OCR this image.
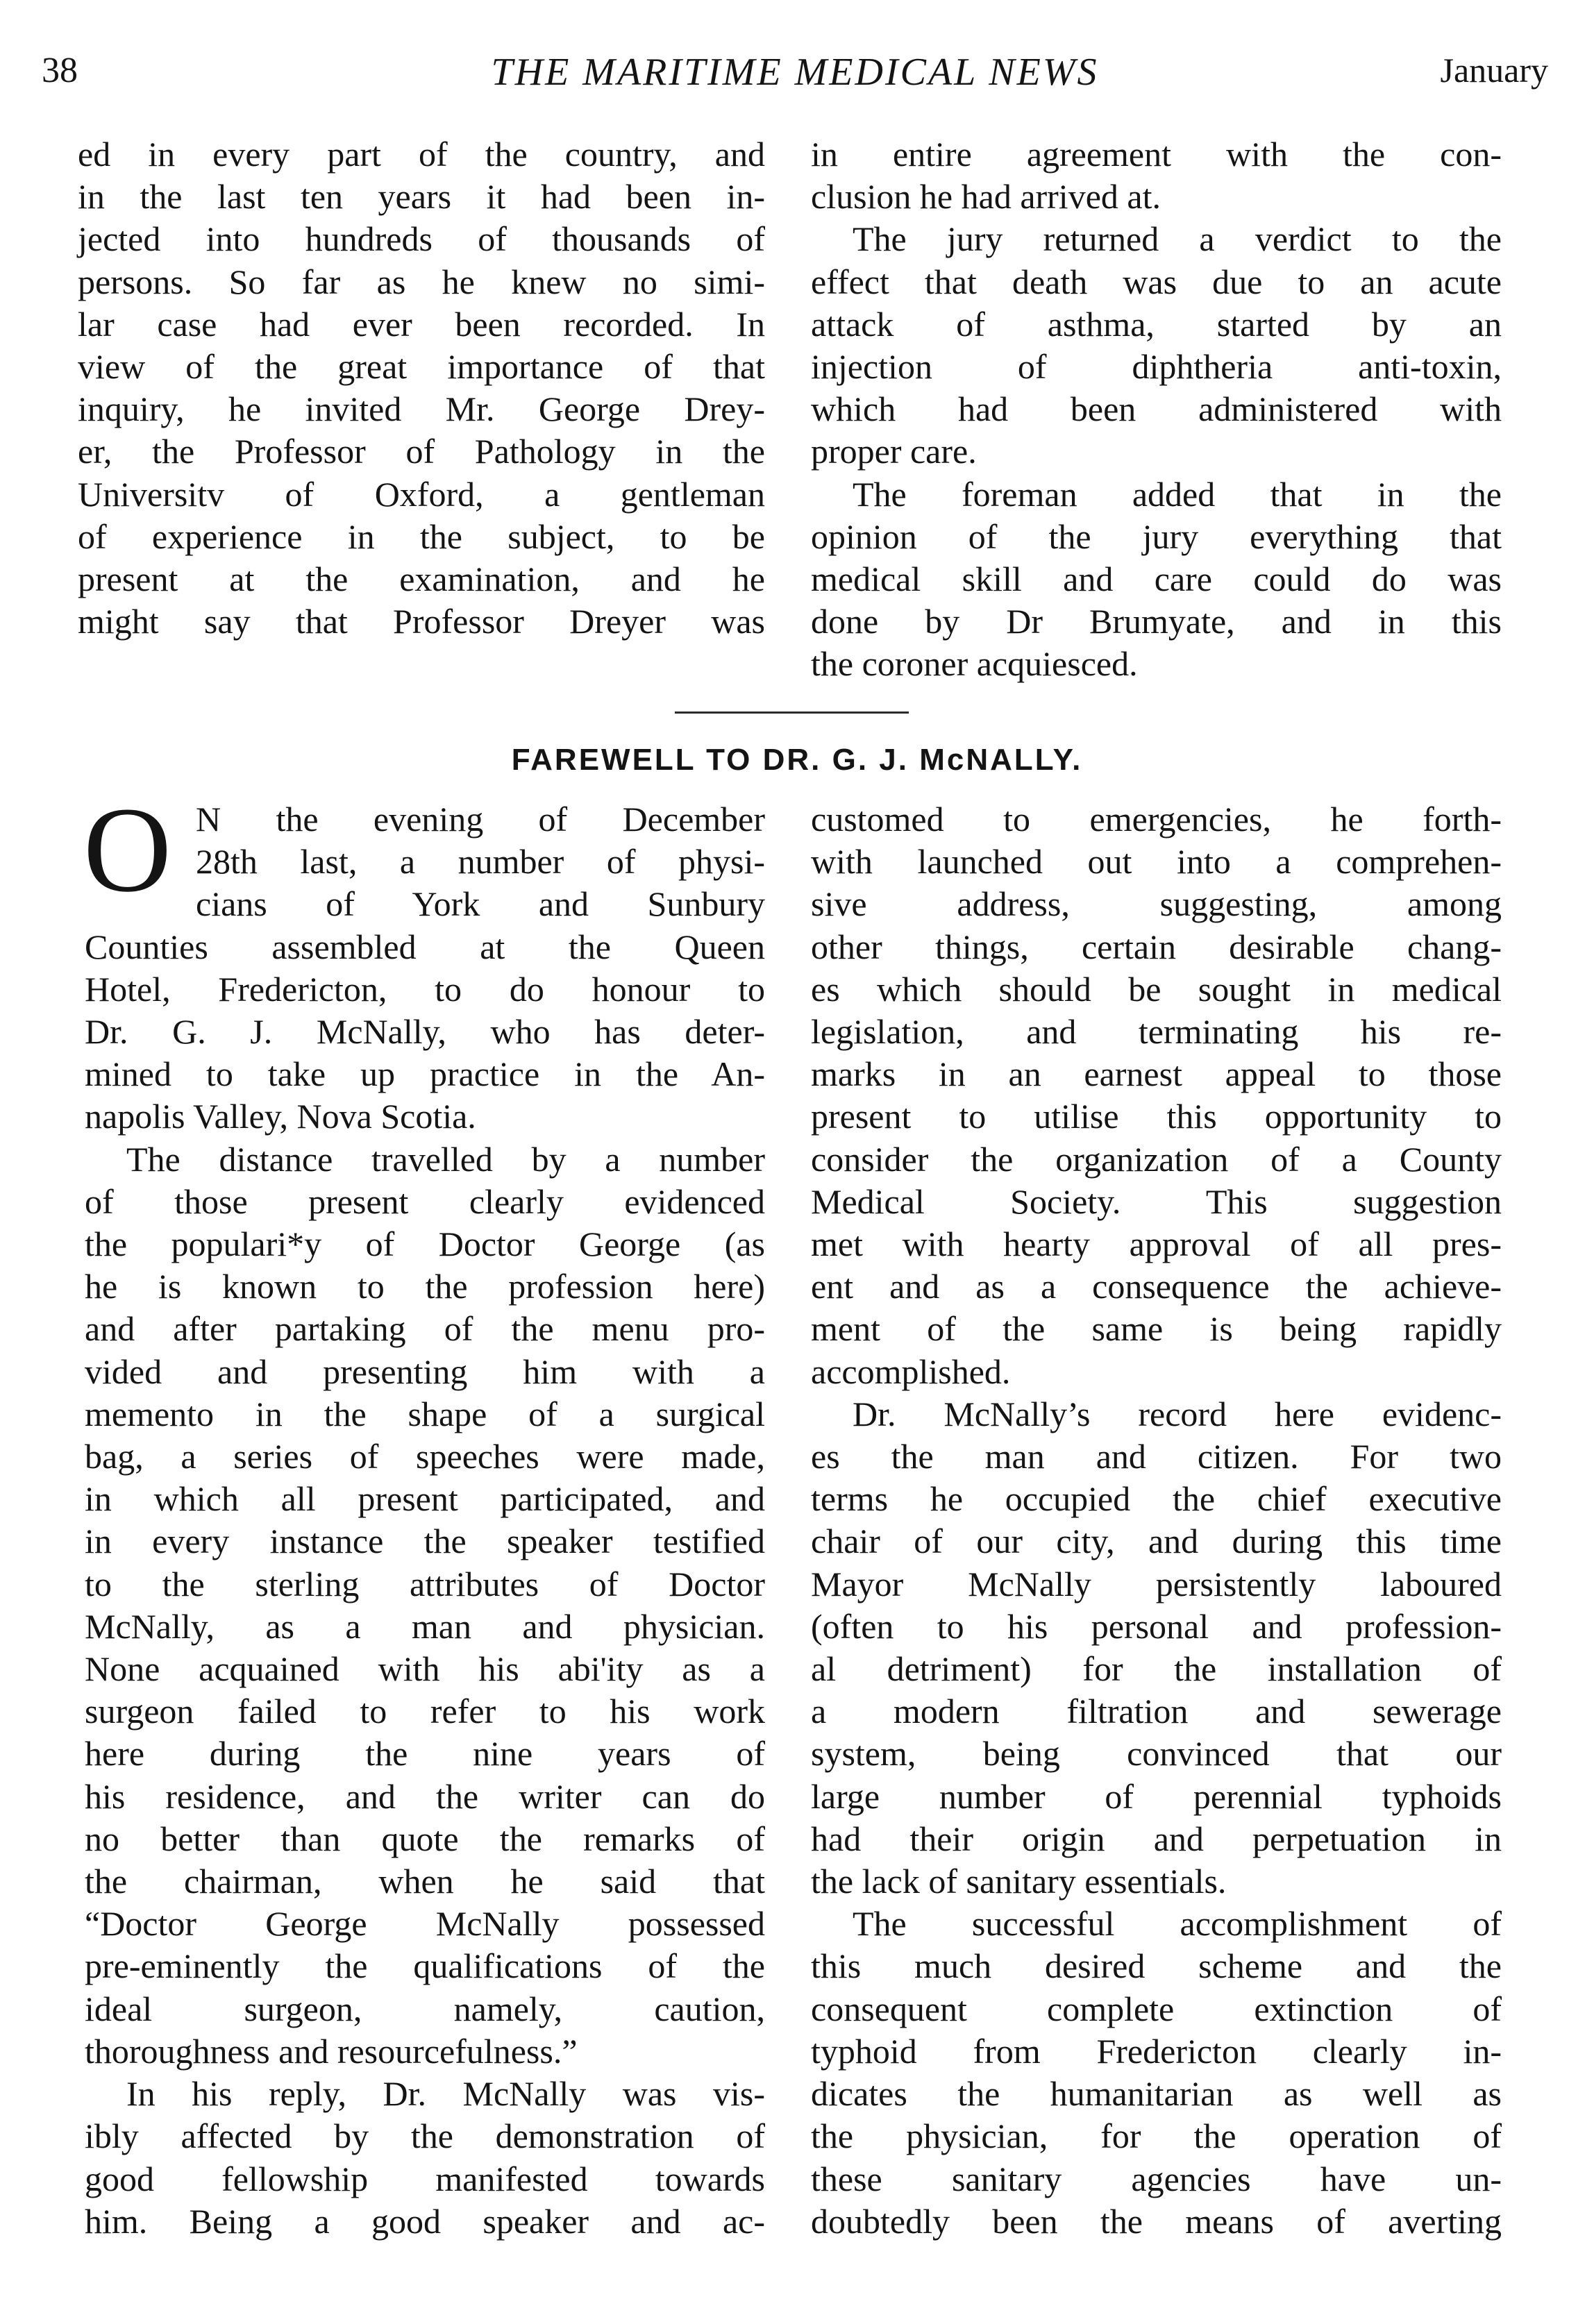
38	THE MARITIME MEDICAL NEWS	January
ed in every part of the country, and
in the last ten years it had been in-
jected into hundreds of thousands of
persons. So far as he knew no simi-
lar case had ever been recorded. In
view of the great importance of that
inquiry, he invited Mr. George Drey-
er, the Professor of Pathology in the
Universitv of Oxford, a gentleman
of experience in the subject, to be
present at the examination, and he
might say that Professor Dreyer was
in entire agreement with the con-
clusion he had arrived at.
The jury returned a verdict to the
effect that death was due to an acute
attack of asthma, started by an
injection of diphtheria anti-toxin,
which had been administered with
proper care.
The foreman added that in the
opinion of the jury everything that
medical skill and care could do was
done by Dr Brumyate, and in this
the coroner acquiesced.
FAREWELL TO DR. G. J. McNALLY.
O N the evening of December
28th last, a number of physi-
cians of York and Sunbury
Counties assembled at the Queen
Hotel, Fredericton, to do honour to
Dr. G. J. McNally, who has deter-
mined to take up practice in the An-
napolis Valley, Nova Scotia.
The distance travelled by a number
of those present clearly evidenced
the populari*y of Doctor George (as
he is known to the profession here)
and after partaking of the menu pro-
vided and presenting him with a
memento in the shape of a surgical
bag, a series of speeches were made,
in which all present participated, and
in every instance the speaker testified
to the sterling attributes of Doctor
McNally, as a man and physician.
None acquained with his abi'ity as a
surgeon failed to refer to his work
here during the nine years of
his residence, and the writer can do
no better than quote the remarks of
the chairman, when he said that
“Doctor George McNally possessed
pre-eminently the qualifications of the
ideal surgeon, namely, caution,
thoroughness and resourcefulness.”
In his reply, Dr. McNally was vis-
ibly affected by the demonstration of
good fellowship manifested towards
him. Being a good speaker and ac-
customed to emergencies, he forth-
with launched out into a comprehen-
sive address, suggesting, among
other things, certain desirable chang-
es which should be sought in medical
legislation, and terminating his re-
marks in an earnest appeal to those
present to utilise this opportunity to
consider the organization of a County
Medical Society. This suggestion
met with hearty approval of all pres-
ent and as a consequence the achieve-
ment of the same is being rapidly
accomplished.
Dr. McNally’s record here evidenc-
es the man and citizen. For two
terms he occupied the chief executive
chair of our city, and during this time
Mayor McNally persistently laboured
(often to his personal and profession-
al detriment) for the installation of
a modern filtration and sewerage
system, being convinced that our
large number of perennial typhoids
had their origin and perpetuation in
the lack of sanitary essentials.
The successful accomplishment of
this much desired scheme and the
consequent complete extinction of
typhoid from Fredericton clearly in-
dicates the humanitarian as well as
the physician, for the operation of
these sanitary agencies have un-
doubtedly been the means of averting
